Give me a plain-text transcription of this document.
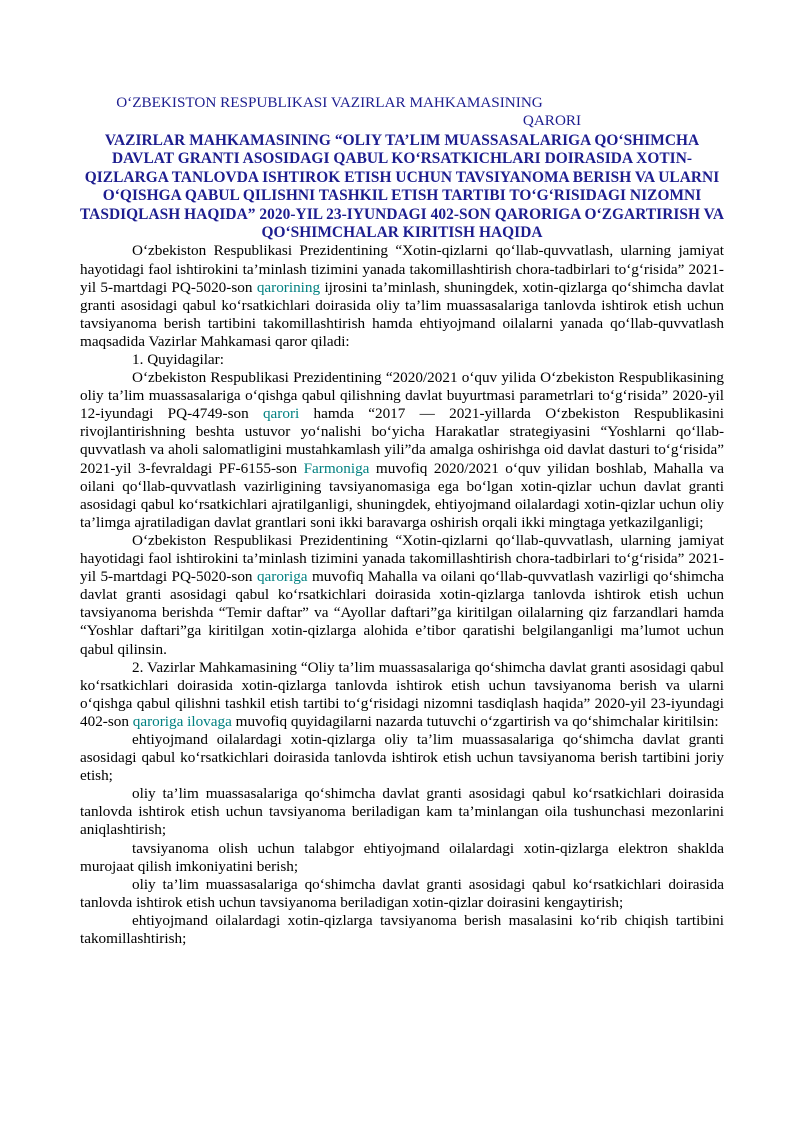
O‘ZBEKISTON RESPUBLIKASI VAZIRLAR MAHKAMASINING
QARORI
VAZIRLAR MAHKAMASINING “OLIY TA’LIM MUASSASALARIGA QO‘SHIMCHA DAVLAT GRANTI ASOSIDAGI QABUL KO‘RSATKICHLARI DOIRASIDA XOTIN-QIZLARGA TANLOVDA ISHTIROK ETISH UCHUN TAVSIYANOMA BERISH VA ULARNI O‘QISHGA QABUL QILISHNI TASHKIL ETISH TARTIBI TO‘G‘RISIDAGI NIZOMNI TASDIQLASH HAQIDA” 2020-YIL 23-IYUNDAGI 402-SON QARORIGA O‘ZGARTIRISH VA QO‘SHIMCHALAR KIRITISH HAQIDA

O‘zbekiston Respublikasi Prezidentining “Xotin-qizlarni qo‘llab-quvvatlash, ularning jamiyat hayotidagi faol ishtirokini ta’minlash tizimini yanada takomillashtirish chora-tadbirlari to‘g‘risida” 2021-yil 5-martdagi PQ-5020-son qarorining ijrosini ta’minlash, shuningdek, xotin-qizlarga qo‘shimcha davlat granti asosidagi qabul ko‘rsatkichlari doirasida oliy ta’lim muassasalariga tanlovda ishtirok etish uchun tavsiyanoma berish tartibini takomillashtirish hamda ehtiyojmand oilalarni yanada qo‘llab-quvvatlash maqsadida Vazirlar Mahkamasi qaror qiladi:

1. Quyidagilar:

O‘zbekiston Respublikasi Prezidentining “2020/2021 o‘quv yilida O‘zbekiston Respublikasining oliy ta’lim muassasalariga o‘qishga qabul qilishning davlat buyurtmasi parametrlari to‘g‘risida” 2020-yil 12-iyundagi PQ-4749-son qarori hamda “2017 — 2021-yillarda O‘zbekiston Respublikasini rivojlantirishning beshta ustuvor yo‘nalishi bo‘yicha Harakatlar strategiyasini “Yoshlarni qo‘llab-quvvatlash va aholi salomatligini mustahkamlash yili”da amalga oshirishga oid davlat dasturi to‘g‘risida” 2021-yil 3-fevraldagi PF-6155-son Farmoniga muvofiq 2020/2021 o‘quv yilidan boshlab, Mahalla va oilani qo‘llab-quvvatlash vazirligining tavsiyanomasiga ega bo‘lgan xotin-qizlar uchun davlat granti asosidagi qabul ko‘rsatkichlari ajratilganligi, shuningdek, ehtiyojmand oilalardagi xotin-qizlar uchun oliy ta’limga ajratiladigan davlat grantlari soni ikki baravarga oshirish orqali ikki mingtaga yetkazilganligi;

O‘zbekiston Respublikasi Prezidentining “Xotin-qizlarni qo‘llab-quvvatlash, ularning jamiyat hayotidagi faol ishtirokini ta’minlash tizimini yanada takomillashtirish chora-tadbirlari to‘g‘risida” 2021-yil 5-martdagi PQ-5020-son qaroriga muvofiq Mahalla va oilani qo‘llab-quvvatlash vazirligi qo‘shimcha davlat granti asosidagi qabul ko‘rsatkichlari doirasida xotin-qizlarga tanlovda ishtirok etish uchun tavsiyanoma berishda “Temir daftar” va “Ayollar daftari”ga kiritilgan oilalarning qiz farzandlari hamda “Yoshlar daftari”ga kiritilgan xotin-qizlarga alohida e’tibor qaratishi belgilanganligi ma’lumot uchun qabul qilinsin.

2. Vazirlar Mahkamasining “Oliy ta’lim muassasalariga qo‘shimcha davlat granti asosidagi qabul ko‘rsatkichlari doirasida xotin-qizlarga tanlovda ishtirok etish uchun tavsiyanoma berish va ularni o‘qishga qabul qilishni tashkil etish tartibi to‘g‘risidagi nizomni tasdiqlash haqida” 2020-yil 23-iyundagi 402-son qaroriga ilovaga muvofiq quyidagilarni nazarda tutuvchi o‘zgartirish va qo‘shimchalar kiritilsin:

ehtiyojmand oilalardagi xotin-qizlarga oliy ta’lim muassasalariga qo‘shimcha davlat granti asosidagi qabul ko‘rsatkichlari doirasida tanlovda ishtirok etish uchun tavsiyanoma berish tartibini joriy etish;

oliy ta’lim muassasalariga qo‘shimcha davlat granti asosidagi qabul ko‘rsatkichlari doirasida tanlovda ishtirok etish uchun tavsiyanoma beriladigan kam ta’minlangan oila tushunchasi mezonlarini aniqlashtirish;

tavsiyanoma olish uchun talabgor ehtiyojmand oilalardagi xotin-qizlarga elektron shaklda murojaat qilish imkoniyatini berish;

oliy ta’lim muassasalariga qo‘shimcha davlat granti asosidagi qabul ko‘rsatkichlari doirasida tanlovda ishtirok etish uchun tavsiyanoma beriladigan xotin-qizlar doirasini kengaytirish;

ehtiyojmand oilalardagi xotin-qizlarga tavsiyanoma berish masalasini ko‘rib chiqish tartibini takomillashtirish;
